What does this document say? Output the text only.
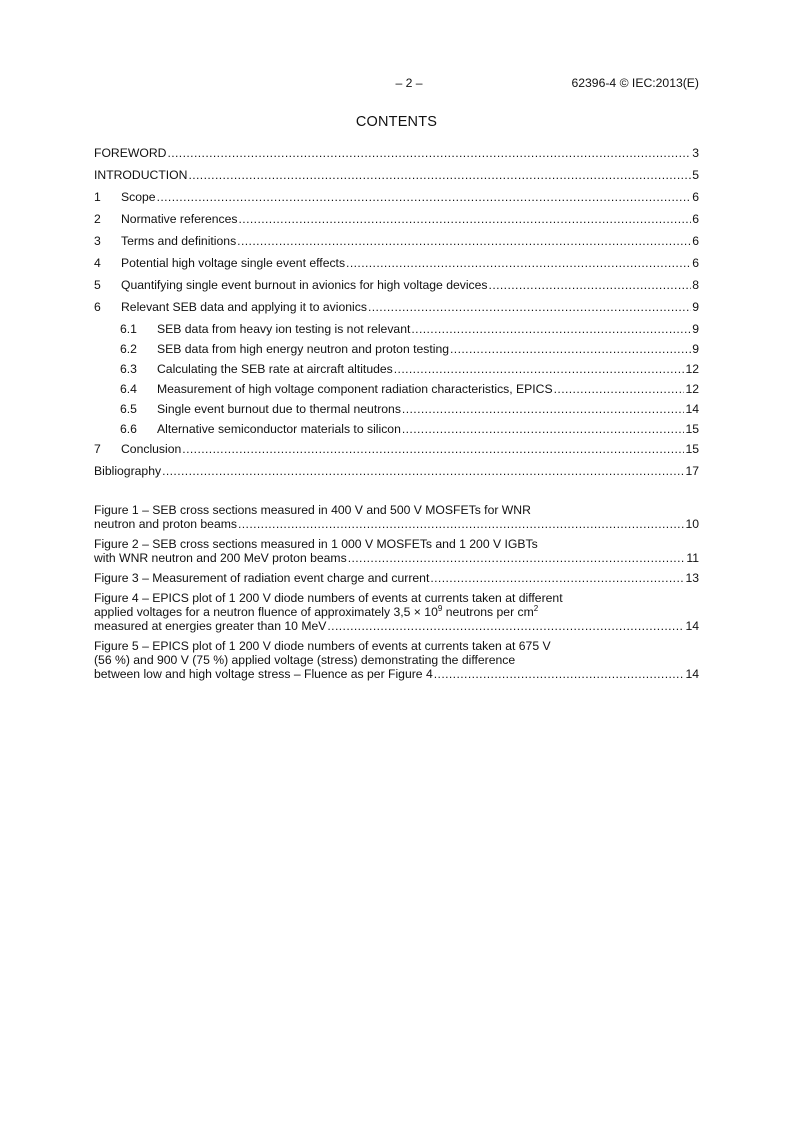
– 2 –	62396-4 © IEC:2013(E)
CONTENTS
FOREWORD .....	3
INTRODUCTION .....	5
1	Scope .....	6
2	Normative references .....	6
3	Terms and definitions .....	6
4	Potential high voltage single event effects .....	6
5	Quantifying single event burnout in avionics for high voltage devices .....	8
6	Relevant SEB data and applying it to avionics .....	9
6.1	SEB data from heavy ion testing is not relevant .....	9
6.2	SEB data from high energy neutron and proton testing .....	9
6.3	Calculating the SEB rate at aircraft altitudes .....	12
6.4	Measurement of high voltage component radiation characteristics, EPICS .....	12
6.5	Single event burnout due to thermal neutrons .....	14
6.6	Alternative semiconductor materials to silicon .....	15
7	Conclusion .....	15
Bibliography .....	17
Figure 1 – SEB cross sections measured in 400 V and 500 V MOSFETs for WNR
neutron and proton beams .....	10
Figure 2 – SEB cross sections measured in 1 000 V MOSFETs and 1 200 V IGBTs
with WNR neutron and 200 MeV proton beams .....	11
Figure 3 – Measurement of radiation event charge and current .....	13
Figure 4 – EPICS plot of 1 200 V diode numbers of events at currents taken at different
applied voltages for a neutron fluence of approximately $3,5 \times 10^9$ neutrons per $cm^2$
measured at energies greater than 10 MeV .....	14
Figure 5 – EPICS plot of 1 200 V diode numbers of events at currents taken at 675 V
(56 %) and 900 V (75 %) applied voltage (stress) demonstrating the difference
between low and high voltage stress – Fluence as per Figure 4 .....	14
